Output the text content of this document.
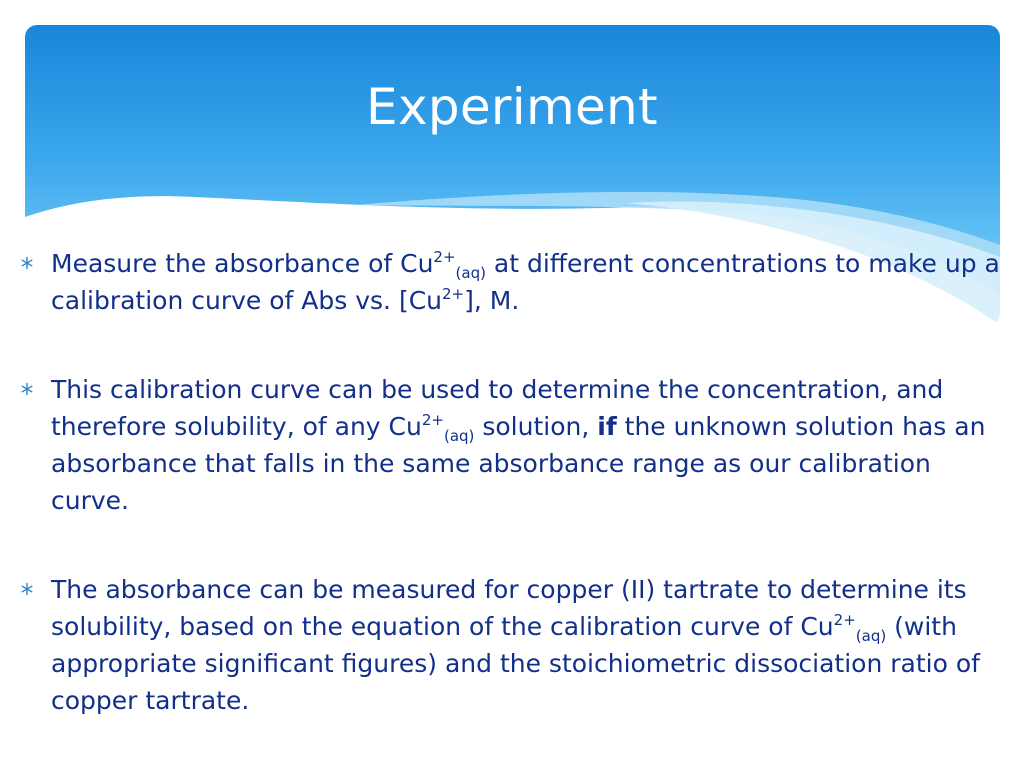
Experiment

Measure the absorbance of $Cu^{2+}_{(aq)}$ at different concentrations to make up a calibration curve of Abs vs. $[Cu^{2+}]$, M.

This calibration curve can be used to determine the concentration, and therefore solubility, of any $Cu^{2+}_{(aq)}$ solution, if the unknown solution has an absorbance that falls in the same absorbance range as our calibration curve.

The absorbance can be measured for copper (II) tartrate to determine its solubility, based on the equation of the calibration curve of $Cu^{2+}_{(aq)}$ (with appropriate significant figures) and the stoichiometric dissociation ratio of copper tartrate.
